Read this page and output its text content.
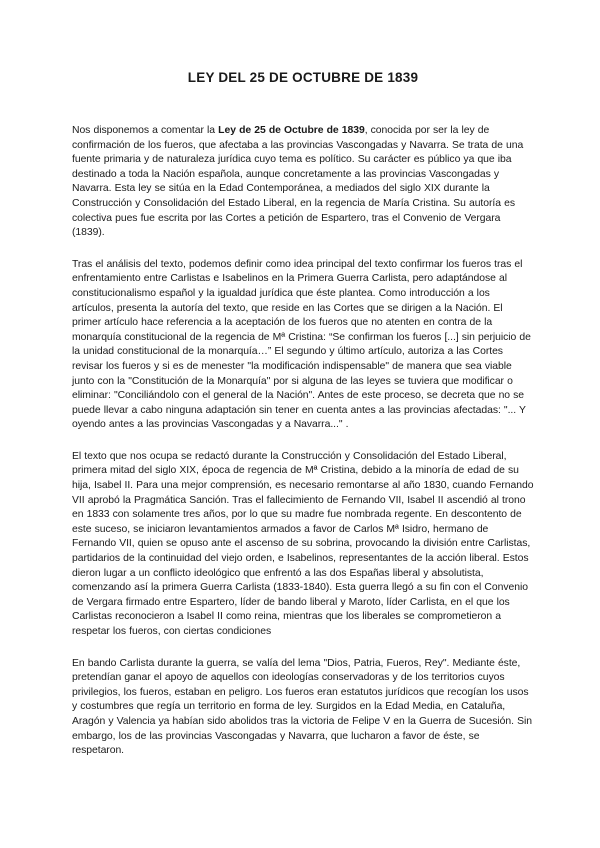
LEY DEL 25 DE OCTUBRE DE 1839

Nos disponemos a comentar la Ley de 25 de Octubre de 1839, conocida por ser la ley de confirmación de los fueros, que afectaba a las provincias Vascongadas y Navarra. Se trata de una fuente primaria y de naturaleza jurídica cuyo tema es político. Su carácter es público ya que iba destinado a toda la Nación española, aunque concretamente a las provincias Vascongadas y Navarra. Esta ley se sitúa en la Edad Contemporánea, a mediados del siglo XIX durante la Construcción y Consolidación del Estado Liberal, en la regencia de María Cristina. Su autoría es colectiva pues fue escrita por las Cortes a petición de Espartero, tras el Convenio de Vergara (1839).

Tras el análisis del texto, podemos definir como idea principal del texto confirmar los fueros tras el enfrentamiento entre Carlistas e Isabelinos en la Primera Guerra Carlista, pero adaptándose al constitucionalismo español y la igualdad jurídica que éste plantea. Como introducción a los artículos, presenta la autoría del texto, que reside en las Cortes que se dirigen a la Nación. El primer artículo hace referencia a la aceptación de los fueros que no atenten en contra de la monarquía constitucional de la regencia de Mª Cristina: “Se confirman los fueros [...] sin perjuicio de la unidad constitucional de la monarquía…” El segundo y último artículo, autoriza a las Cortes revisar los fueros y si es de menester "la modificación indispensable" de manera que sea viable junto con la "Constitución de la Monarquía" por si alguna de las leyes se tuviera que modificar o eliminar: "Conciliándolo con el general de la Nación". Antes de este proceso, se decreta que no se puede llevar a cabo ninguna adaptación sin tener en cuenta antes a las provincias afectadas: "... Y oyendo antes a las provincias Vascongadas y a Navarra..." .

El texto que nos ocupa se redactó durante la Construcción y Consolidación del Estado Liberal, primera mitad del siglo XIX, época de regencia de Mª Cristina, debido a la minoría de edad de su hija, Isabel II. Para una mejor comprensión, es necesario remontarse al año 1830, cuando Fernando VII aprobó la Pragmática Sanción. Tras el fallecimiento de Fernando VII, Isabel II ascendió al trono en 1833 con solamente tres años, por lo que su madre fue nombrada regente. En descontento de este suceso, se iniciaron levantamientos armados a favor de Carlos Mª Isidro, hermano de Fernando VII, quien se opuso ante el ascenso de su sobrina, provocando la división entre Carlistas, partidarios de la continuidad del viejo orden, e Isabelinos, representantes de la acción liberal. Estos dieron lugar a un conflicto ideológico que enfrentó a las dos Españas liberal y absolutista, comenzando así la primera Guerra Carlista (1833-1840). Esta guerra llegó a su fin con el Convenio de Vergara firmado entre Espartero, líder de bando liberal y Maroto, líder Carlista, en el que los Carlistas reconocieron a Isabel II como reina, mientras que los liberales se comprometieron a respetar los fueros, con ciertas condiciones

En bando Carlista durante la guerra, se valía del lema "Dios, Patria, Fueros, Rey". Mediante éste, pretendían ganar el apoyo de aquellos con ideologías conservadoras y de los territorios cuyos privilegios, los fueros, estaban en peligro. Los fueros eran estatutos jurídicos que recogían los usos y costumbres que regía un territorio en forma de ley. Surgidos en la Edad Media, en Cataluña, Aragón y Valencia ya habían sido abolidos tras la victoria de Felipe V en la Guerra de Sucesión. Sin embargo, los de las provincias Vascongadas y Navarra, que lucharon a favor de éste, se respetaron.
